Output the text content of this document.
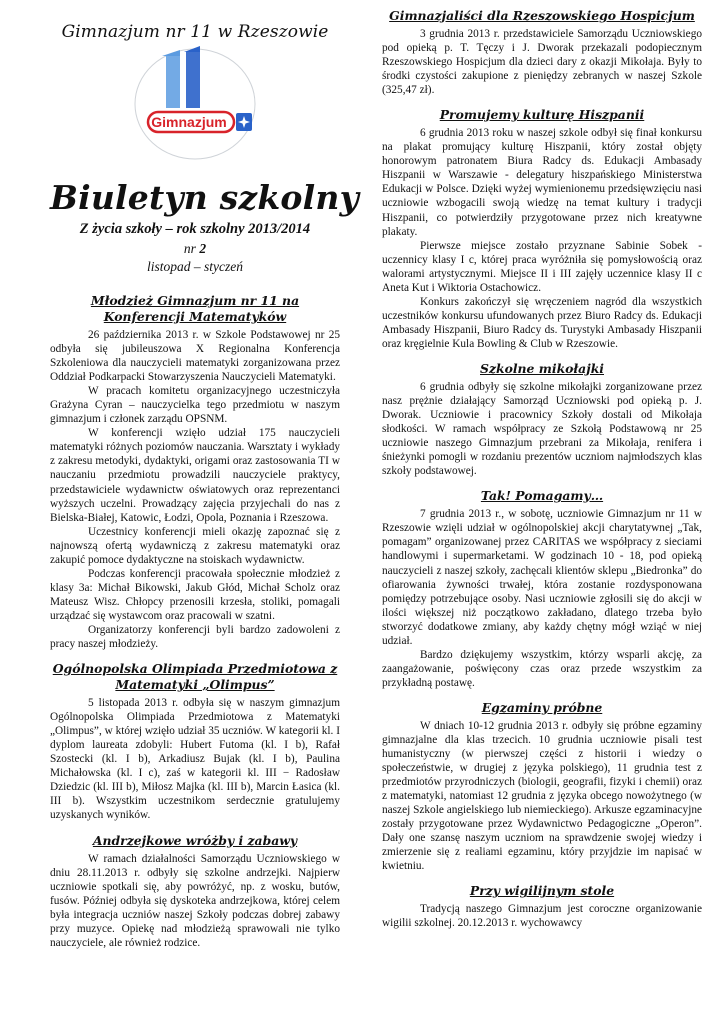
Gimnazjum nr 11 w Rzeszowie
Gimnazjum
Biuletyn szkolny
Z życia szkoły – rok szkolny 2013/2014
nr 2
listopad – styczeń
Młodzież Gimnazjum nr 11 na Konferencji Matematyków

26 października 2013 r. w Szkole Podstawowej nr 25 odbyła się jubileuszowa X Regionalna Konferencja Szkoleniowa dla nauczycieli matematyki zorganizowana przez Oddział Podkarpacki Stowarzyszenia Nauczycieli Matematyki.

W pracach komitetu organizacyjnego uczestniczyła Grażyna Cyran – nauczycielka tego przedmiotu w naszym gimnazjum i członek zarządu OPSNM.

W konferencji wzięło udział 175 nauczycieli matematyki różnych poziomów nauczania. Warsztaty i wykłady z zakresu metodyki, dydaktyki, origami oraz zastosowania TI w nauczaniu przedmiotu prowadzili nauczyciele praktycy, przedstawiciele wydawnictw oświatowych oraz reprezentanci wyższych uczelni. Prowadzący zajęcia przyjechali do nas z Bielska-Białej, Katowic, Łodzi, Opola, Poznania i Rzeszowa.

Uczestnicy konferencji mieli okazję zapoznać się z najnowszą ofertą wydawniczą z zakresu matematyki oraz zakupić pomoce dydaktyczne na stoiskach wydawnictw.

Podczas konferencji pracowała społecznie młodzież z klasy 3a: Michał Bikowski, Jakub Głód, Michał Scholz oraz Mateusz Wisz. Chłopcy przenosili krzesła, stoliki, pomagali urządzać się wystawcom oraz pracowali w szatni.

Organizatorzy konferencji byli bardzo zadowoleni z pracy naszej młodzieży.

Ogólnopolska Olimpiada Przedmiotowa z Matematyki „Olimpus”

5 listopada 2013 r. odbyła się w naszym gimnazjum Ogólnopolska Olimpiada Przedmiotowa z Matematyki „Olimpus”, w której wzięło udział 35 uczniów. W kategorii kl. I dyplom laureata zdobyli: Hubert Futoma (kl. I b), Rafał Szostecki (kl. I b), Arkadiusz Bujak (kl. I b), Paulina Michałowska (kl. I c), zaś w kategorii kl. III − Radosław Dziedzic (kl. III b), Miłosz Majka (kl. III b), Marcin Łasica (kl. III b). Wszystkim uczestnikom serdecznie gratulujemy uzyskanych wyników.

Andrzejkowe wróżby i zabawy

W ramach działalności Samorządu Uczniowskiego w dniu 28.11.2013 r. odbyły się szkolne andrzejki. Najpierw uczniowie spotkali się, aby powróżyć, np. z wosku, butów, fusów. Później odbyła się dyskoteka andrzejkowa, której celem była integracja uczniów naszej Szkoły podczas dobrej zabawy przy muzyce. Opiekę nad młodzieżą sprawowali nie tylko nauczyciele, ale również rodzice.

Gimnazjaliści dla Rzeszowskiego Hospicjum

3 grudnia 2013 r. przedstawiciele Samorządu Uczniowskiego pod opieką p. T. Tęczy i J. Dworak przekazali podopiecznym Rzeszowskiego Hospicjum dla dzieci dary z okazji Mikołaja. Były to środki czystości zakupione z pieniędzy zebranych w naszej Szkole (325,47 zł).

Promujemy kulturę Hiszpanii

6 grudnia 2013 roku w naszej szkole odbył się finał konkursu na plakat promujący kulturę Hiszpanii, który został objęty honorowym patronatem Biura Radcy ds. Edukacji Ambasady Hiszpanii w Warszawie - delegatury hiszpańskiego Ministerstwa Edukacji w Polsce. Dzięki wyżej wymienionemu przedsięwzięciu nasi uczniowie wzbogacili swoją wiedzę na temat kultury i tradycji Hiszpanii, co potwierdziły przygotowane przez nich kreatywne plakaty.

Pierwsze miejsce zostało przyznane Sabinie Sobek - uczennicy klasy I c, której praca wyróżniła się pomysłowością oraz walorami artystycznymi. Miejsce II i III zajęły uczennice klasy II c Aneta Kut i Wiktoria Ostachowicz.

Konkurs zakończył się wręczeniem nagród dla wszystkich uczestników konkursu ufundowanych przez Biuro Radcy ds. Edukacji Ambasady Hiszpanii, Biuro Radcy ds. Turystyki Ambasady Hiszpanii oraz kręgielnie Kula Bowling & Club w Rzeszowie.

Szkolne mikołajki

6 grudnia odbyły się szkolne mikołajki zorganizowane przez nasz prężnie działający Samorząd Uczniowski pod opieką p. J. Dworak. Uczniowie i pracownicy Szkoły dostali od Mikołaja słodkości. W ramach współpracy ze Szkołą Podstawową nr 25 uczniowie naszego Gimnazjum przebrani za Mikołaja, renifera i śnieżynki pomogli w rozdaniu prezentów uczniom najmłodszych klas szkoły podstawowej.

Tak! Pomagamy…

7 grudnia 2013 r., w sobotę, uczniowie Gimnazjum nr 11 w Rzeszowie wzięli udział w ogólnopolskiej akcji charytatywnej „Tak, pomagam” organizowanej przez CARITAS we współpracy z sieciami handlowymi i supermarketami. W godzinach 10 - 18, pod opieką nauczycieli z naszej szkoły, zachęcali klientów sklepu „Biedronka” do ofiarowania żywności trwałej, która zostanie rozdysponowana pomiędzy potrzebujące osoby. Nasi uczniowie zgłosili się do akcji w ilości większej niż początkowo zakładano, dlatego trzeba było stworzyć dodatkowe zmiany, aby każdy chętny mógł wziąć w niej udział.

Bardzo dziękujemy wszystkim, którzy wsparli akcję, za zaangażowanie, poświęcony czas oraz przede wszystkim za przykładną postawę.

Egzaminy próbne

W dniach 10-12 grudnia 2013 r. odbyły się próbne egzaminy gimnazjalne dla klas trzecich. 10 grudnia uczniowie pisali test humanistyczny (w pierwszej części z historii i wiedzy o społeczeństwie, w drugiej z języka polskiego), 11 grudnia test z przedmiotów przyrodniczych (biologii, geografii, fizyki i chemii) oraz z matematyki, natomiast 12 grudnia z języka obcego nowożytnego (w naszej Szkole angielskiego lub niemieckiego). Arkusze egzaminacyjne zostały przygotowane przez Wydawnictwo Pedagogiczne „Operon”. Dały one szansę naszym uczniom na sprawdzenie swojej wiedzy i zmierzenie się z realiami egzaminu, który przyjdzie im napisać w kwietniu.

Przy wigilijnym stole

Tradycją naszego Gimnazjum jest coroczne organizowanie wigilii szkolnej. 20.12.2013 r. wychowawcy
